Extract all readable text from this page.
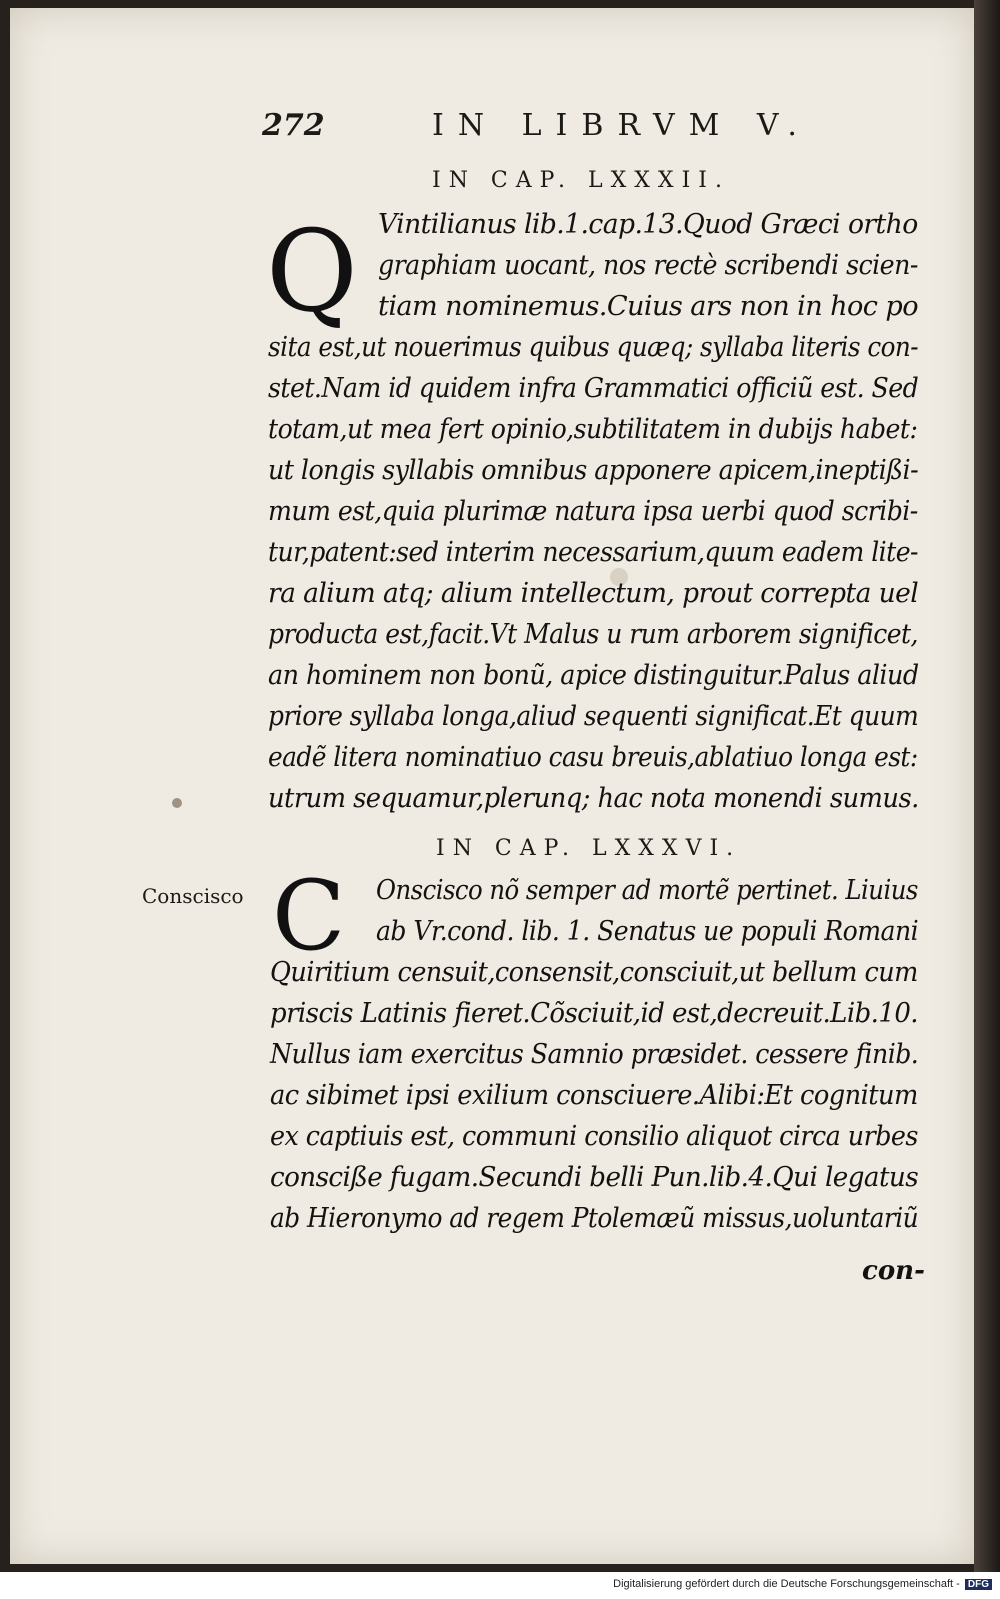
272	IN LIBRVM V.
IN CAP. LXXXII.
Q Vintilianus lib.1.cap.13.Quod Græci ortho
graphiam uocant, nos rectè scribendi scien-
tiam nominemus.Cuius ars non in hoc po
sita est,ut nouerimus quibus quæq; syllaba literis con-
stet.Nam id quidem infra Grammatici officiũ est. Sed
totam,ut mea fert opinio,subtilitatem in dubijs habet:
ut longis syllabis omnibus apponere apicem,ineptißi-
mum est,quia plurimæ natura ipsa uerbi quod scribi-
tur,patent:sed interim necessarium,quum eadem lite-
ra alium atq; alium intellectum, prout correpta uel
producta est,facit.Vt Malus u rum arborem significet,
an hominem non bonũ, apice distinguitur.Palus aliud
priore syllaba longa,aliud sequenti significat.Et quum
eadẽ litera nominatiuo casu breuis,ablatiuo longa est:
utrum sequamur,plerunq; hac nota monendi sumus.
IN CAP. LXXXVI.
Conscisco C Onscisco nõ semper ad mortẽ pertinet. Liuius
ab Vr.cond. lib. 1. Senatus ue populi Romani
Quiritium censuit,consensit,consciuit,ut bellum cum
priscis Latinis fieret.Cõsciuit,id est,decreuit.Lib.10.
Nullus iam exercitus Samnio præsidet. cessere finib.
ac sibimet ipsi exilium consciuere.Alibi:Et cognitum
ex captiuis est, communi consilio aliquot circa urbes
consciße fugam.Secundi belli Pun.lib.4.Qui legatus
ab Hieronymo ad regem Ptolemæũ missus,uoluntariũ
con-
Digitalisierung gefördert durch die Deutsche Forschungsgemeinschaft - DFG
